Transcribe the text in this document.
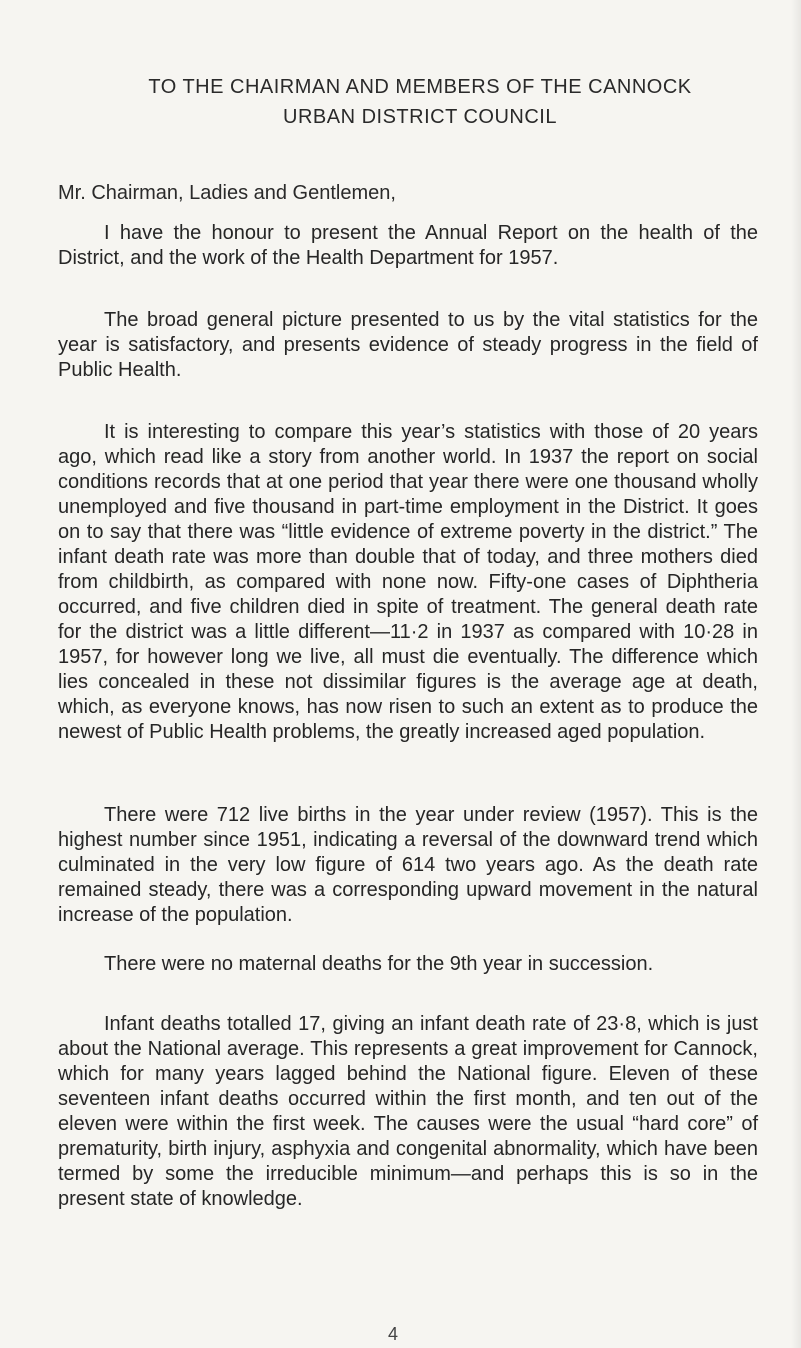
TO THE CHAIRMAN AND MEMBERS OF THE CANNOCK
URBAN DISTRICT COUNCIL
Mr. Chairman, Ladies and Gentlemen,

I have the honour to present the Annual Report on the health of the District, and the work of the Health Department for 1957.

The broad general picture presented to us by the vital statistics for the year is satisfactory, and presents evidence of steady progress in the field of Public Health.

It is interesting to compare this year’s statistics with those of 20 years ago, which read like a story from another world. In 1937 the report on social conditions records that at one period that year there were one thousand wholly unemployed and five thousand in part-time employment in the District. It goes on to say that there was “little evidence of extreme poverty in the district.” The infant death rate was more than double that of today, and three mothers died from childbirth, as compared with none now. Fifty-one cases of Diphtheria occurred, and five children died in spite of treatment. The general death rate for the district was a little different—11·2 in 1937 as compared with 10·28 in 1957, for however long we live, all must die eventually. The difference which lies concealed in these not dissimilar figures is the average age at death, which, as everyone knows, has now risen to such an extent as to produce the newest of Public Health problems, the greatly increased aged population.

There were 712 live births in the year under review (1957). This is the highest number since 1951, indicating a reversal of the downward trend which culminated in the very low figure of 614 two years ago. As the death rate remained steady, there was a corresponding upward movement in the natural increase of the population.

There were no maternal deaths for the 9th year in succession.

Infant deaths totalled 17, giving an infant death rate of 23·8, which is just about the National average. This represents a great improvement for Cannock, which for many years lagged behind the National figure. Eleven of these seventeen infant deaths occurred within the first month, and ten out of the eleven were within the first week. The causes were the usual “hard core” of prematurity, birth injury, asphyxia and congenital abnormality, which have been termed by some the irreducible minimum—and perhaps this is so in the present state of knowledge.

4
